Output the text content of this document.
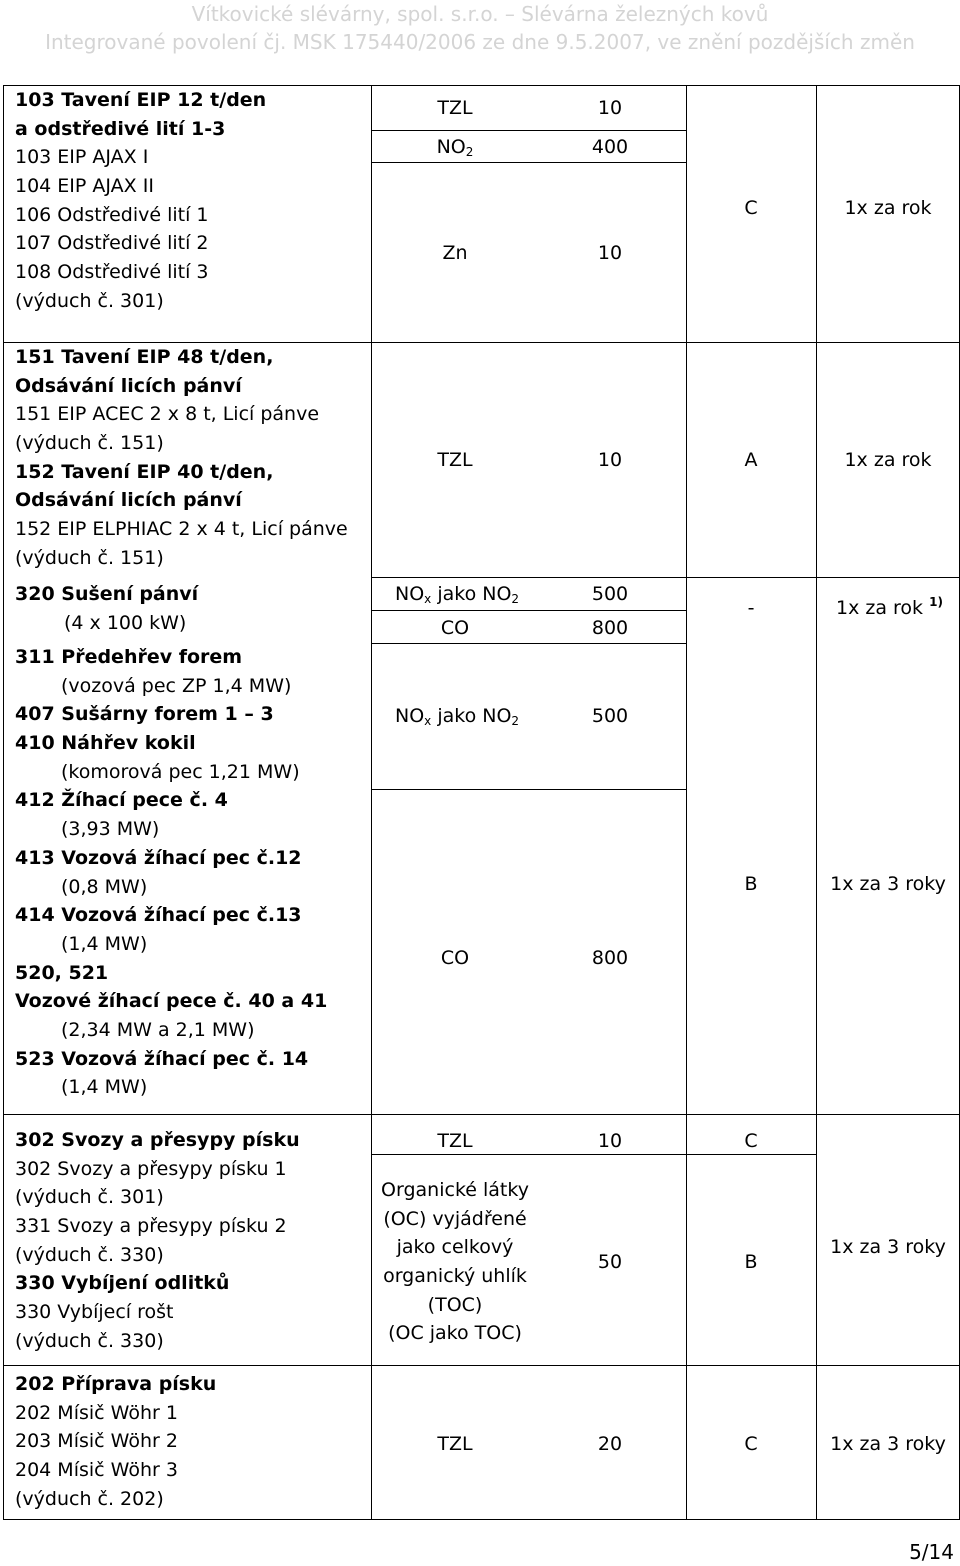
Vítkovické slévárny, spol. s.r.o. – Slévárna železných kovů
Integrované povolení čj. MSK 175440/2006 ze dne 9.5.2007, ve znění pozdějších změn
103 Tavení EIP 12 t/den
a odstředivé lití 1-3
103 EIP AJAX I
104 EIP AJAX II
106 Odstředivé lití 1
107 Odstředivé lití 2
108 Odstředivé lití 3
(výduch č. 301)
TZL	10
$NO_2$	400
Zn	10
C	1x za rok
151 Tavení EIP 48 t/den,
Odsávání licích pánví
151 EIP ACEC 2 x 8 t, Licí pánve
(výduch č. 151)
152 Tavení EIP 40 t/den,
Odsávání licích pánví
152 EIP ELPHIAC 2 x 4 t, Licí pánve
(výduch č. 151)
TZL	10	A	1x za rok
320 Sušení pánví
(4 x 100 kW)
$NO_x$ jako $NO_2$	500
CO	800
-	1x za rok $^{1)}$
311 Předehřev forem
(vozová pec ZP 1,4 MW)
407 Sušárny forem 1 – 3
410 Náhřev kokil
(komorová pec 1,21 MW)
412 Žíhací pece č. 4
(3,93 MW)
413 Vozová žíhací pec č.12
(0,8 MW)
414 Vozová žíhací pec č.13
(1,4 MW)
520, 521
Vozové žíhací pece č. 40 a 41
(2,34 MW a 2,1 MW)
523 Vozová žíhací pec č. 14
(1,4 MW)
$NO_x$ jako $NO_2$	500
CO	800
B	1x za 3 roky
302 Svozy a přesypy písku
302 Svozy a přesypy písku 1
(výduch č. 301)
331 Svozy a přesypy písku 2
(výduch č. 330)
330 Vybíjení odlitků
330 Vybíjecí rošt
(výduch č. 330)
TZL	10	C
Organické látky
(OC) vyjádřené
jako celkový
organický uhlík
(TOC)
(OC jako TOC)
50	B
1x za 3 roky
202 Příprava písku
202 Mísič Wöhr 1
203 Mísič Wöhr 2
204 Mísič Wöhr 3
(výduch č. 202)
TZL	20	C	1x za 3 roky
5/14
